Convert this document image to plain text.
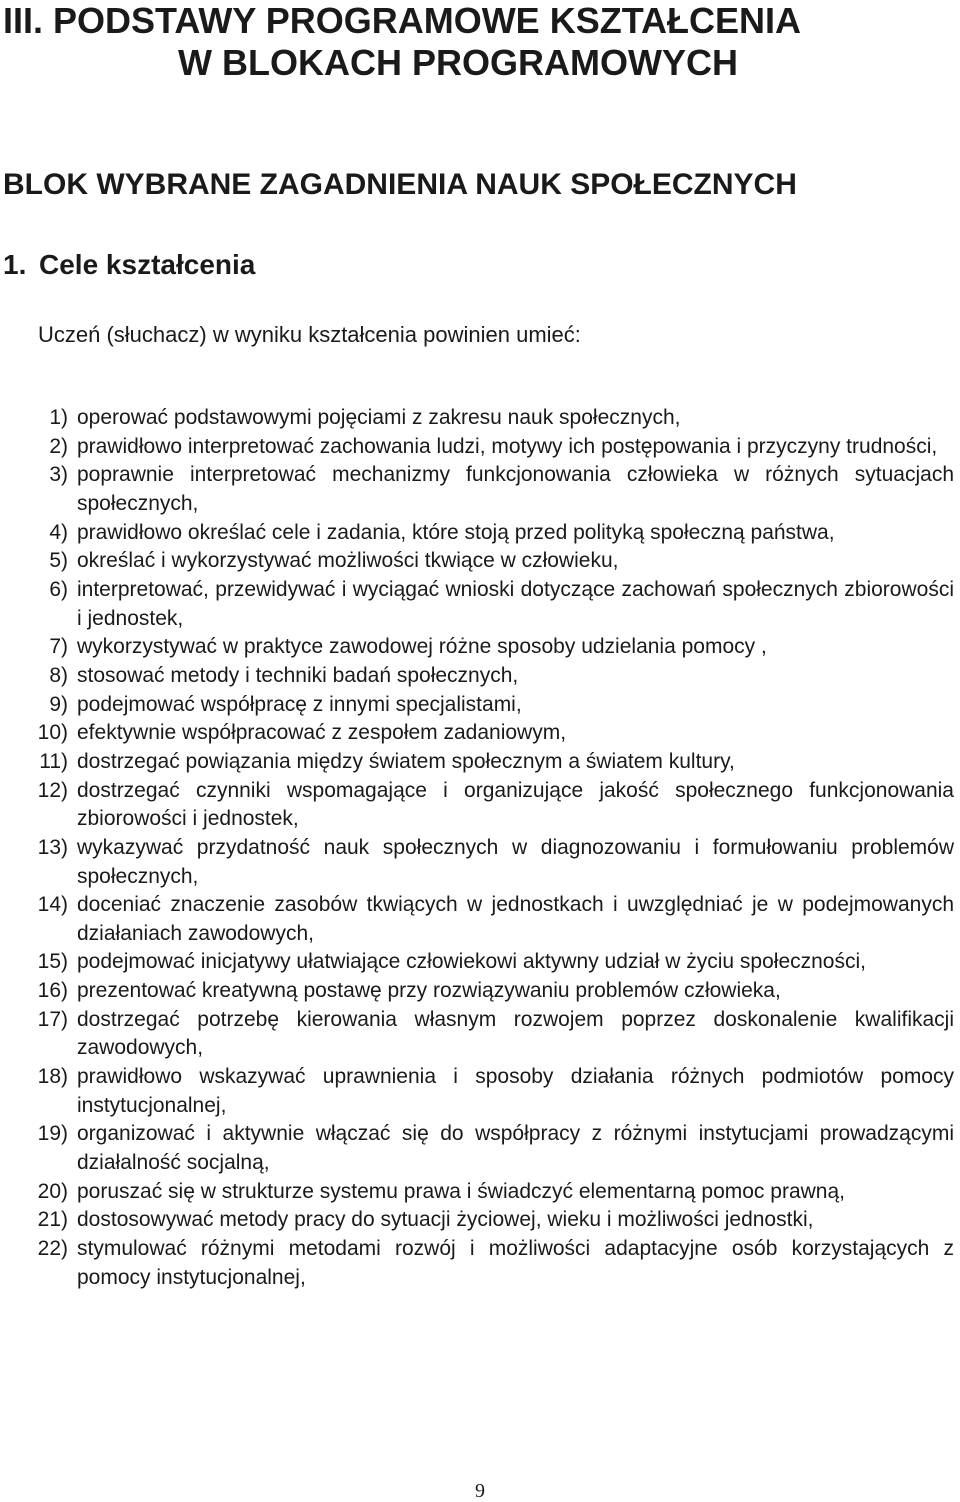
III. PODSTAWY PROGRAMOWE KSZTAŁCENIA
W BLOKACH PROGRAMOWYCH
BLOK WYBRANE ZAGADNIENIA NAUK SPOŁECZNYCH
1. Cele kształcenia
Uczeń (słuchacz) w wyniku kształcenia powinien umieć:
1) operować podstawowymi pojęciami z zakresu nauk społecznych,
2) prawidłowo interpretować zachowania ludzi, motywy ich postępowania i przyczyny trudności,
3) poprawnie interpretować mechanizmy funkcjonowania człowieka w różnych sytuacjach społecznych,
4) prawidłowo określać cele i zadania, które stoją przed polityką społeczną państwa,
5) określać i wykorzystywać możliwości tkwiące w człowieku,
6) interpretować, przewidywać i wyciągać wnioski dotyczące zachowań społecznych zbiorowości i jednostek,
7) wykorzystywać w praktyce zawodowej różne sposoby udzielania pomocy ,
8) stosować metody i techniki badań społecznych,
9) podejmować współpracę z innymi specjalistami,
10) efektywnie współpracować z zespołem zadaniowym,
11) dostrzegać powiązania między światem społecznym a światem kultury,
12) dostrzegać czynniki wspomagające i organizujące jakość społecznego funkcjonowania zbiorowości i jednostek,
13) wykazywać przydatność nauk społecznych w diagnozowaniu i formułowaniu problemów społecznych,
14) doceniać znaczenie zasobów tkwiących w jednostkach i uwzględniać je w podejmowanych działaniach zawodowych,
15) podejmować inicjatywy ułatwiające człowiekowi aktywny udział w życiu społeczności,
16) prezentować kreatywną postawę przy rozwiązywaniu problemów człowieka,
17) dostrzegać potrzebę kierowania własnym rozwojem poprzez doskonalenie kwalifikacji zawodowych,
18) prawidłowo wskazywać uprawnienia i sposoby działania różnych podmiotów pomocy instytucjonalnej,
19) organizować i aktywnie włączać się do współpracy z różnymi instytucjami prowadzącymi działalność socjalną,
20) poruszać się w strukturze systemu prawa i świadczyć elementarną pomoc prawną,
21) dostosowywać metody pracy do sytuacji życiowej, wieku i możliwości jednostki,
22) stymulować różnymi metodami rozwój i możliwości adaptacyjne osób korzystających z pomocy instytucjonalnej,
9
